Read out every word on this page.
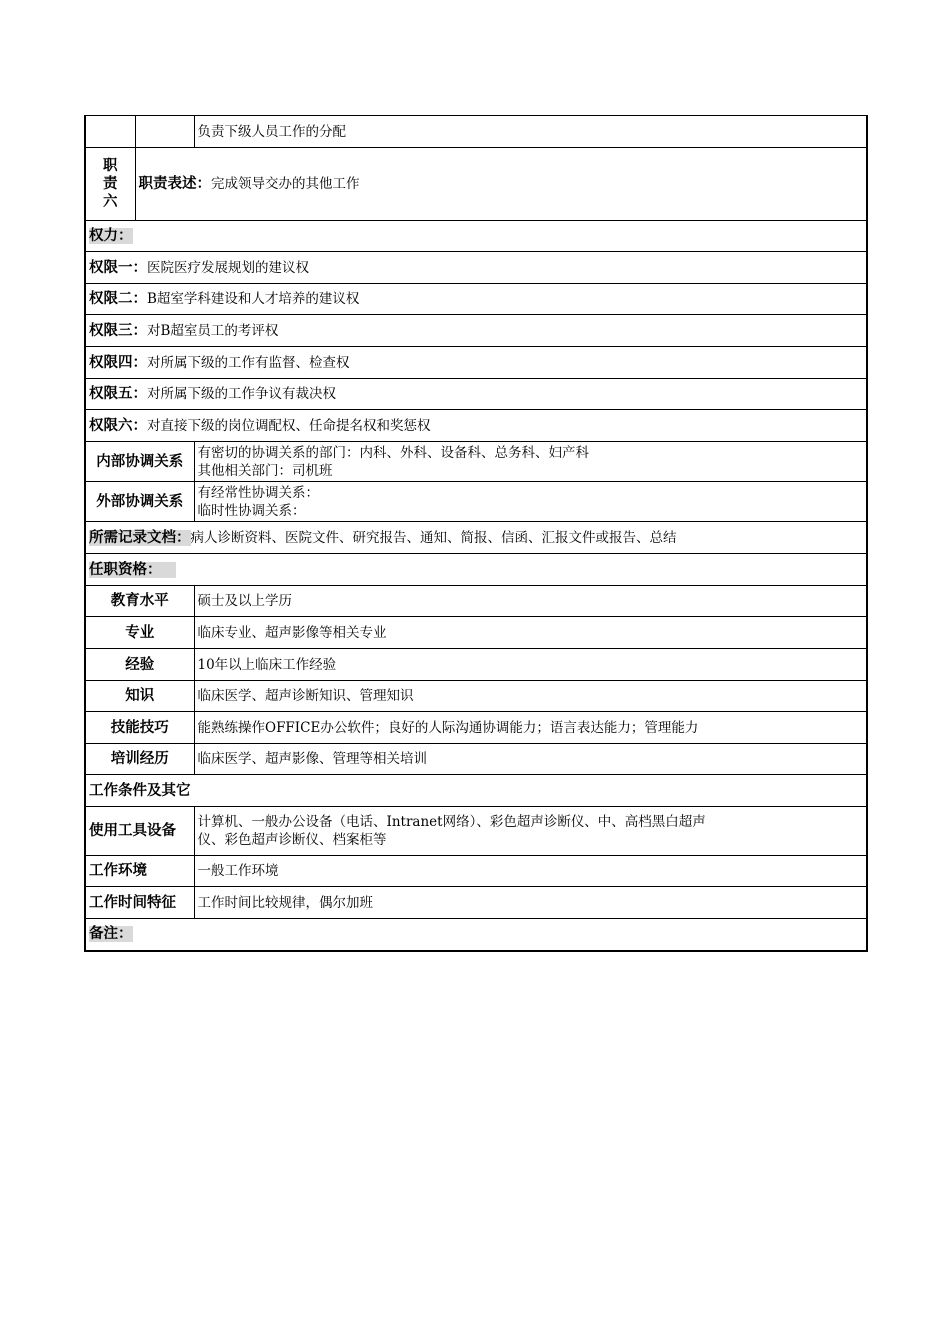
		负责下级人员工作的分配
职
责
六	职责表述：完成领导交办的其他工作	
权力：		
权限一：医院医疗发展规划的建议权		
权限二：B超室学科建设和人才培养的建议权		
权限三：对B超室员工的考评权		
权限四：对所属下级的工作有监督、检查权		
权限五：对所属下级的工作争议有裁决权		
权限六：对直接下级的岗位调配权、任命提名权和奖惩权		
内部协调关系		有密切的协调关系的部门：内科、外科、设备科、总务科、妇产科
其他相关部门：司机班

外部协调关系		有经常性协调关系：
临时性协调关系：

所需记录文档：病人诊断资料、医院文件、研究报告、通知、简报、信函、汇报文件或报告、总结		
任职资格：		 
教育水平		硕士及以上学历
专业		临床专业、超声影像等相关专业
经验		10年以上临床工作经验
知识		临床医学、超声诊断知识、管理知识
技能技巧		能熟练操作OFFICE办公软件；良好的人际沟通协调能力；语言表达能力；管理能力
培训经历		临床医学、超声影像、管理等相关培训
工作条件及其它		
使用工具设备		计算机、一般办公设备（电话、Intranet网络）、彩色超声诊断仪、中、高档黑白超声
仪、彩色超声诊断仪、档案柜等

工作环境		一般工作环境
工作时间特征		工作时间比较规律，偶尔加班
备注：		
